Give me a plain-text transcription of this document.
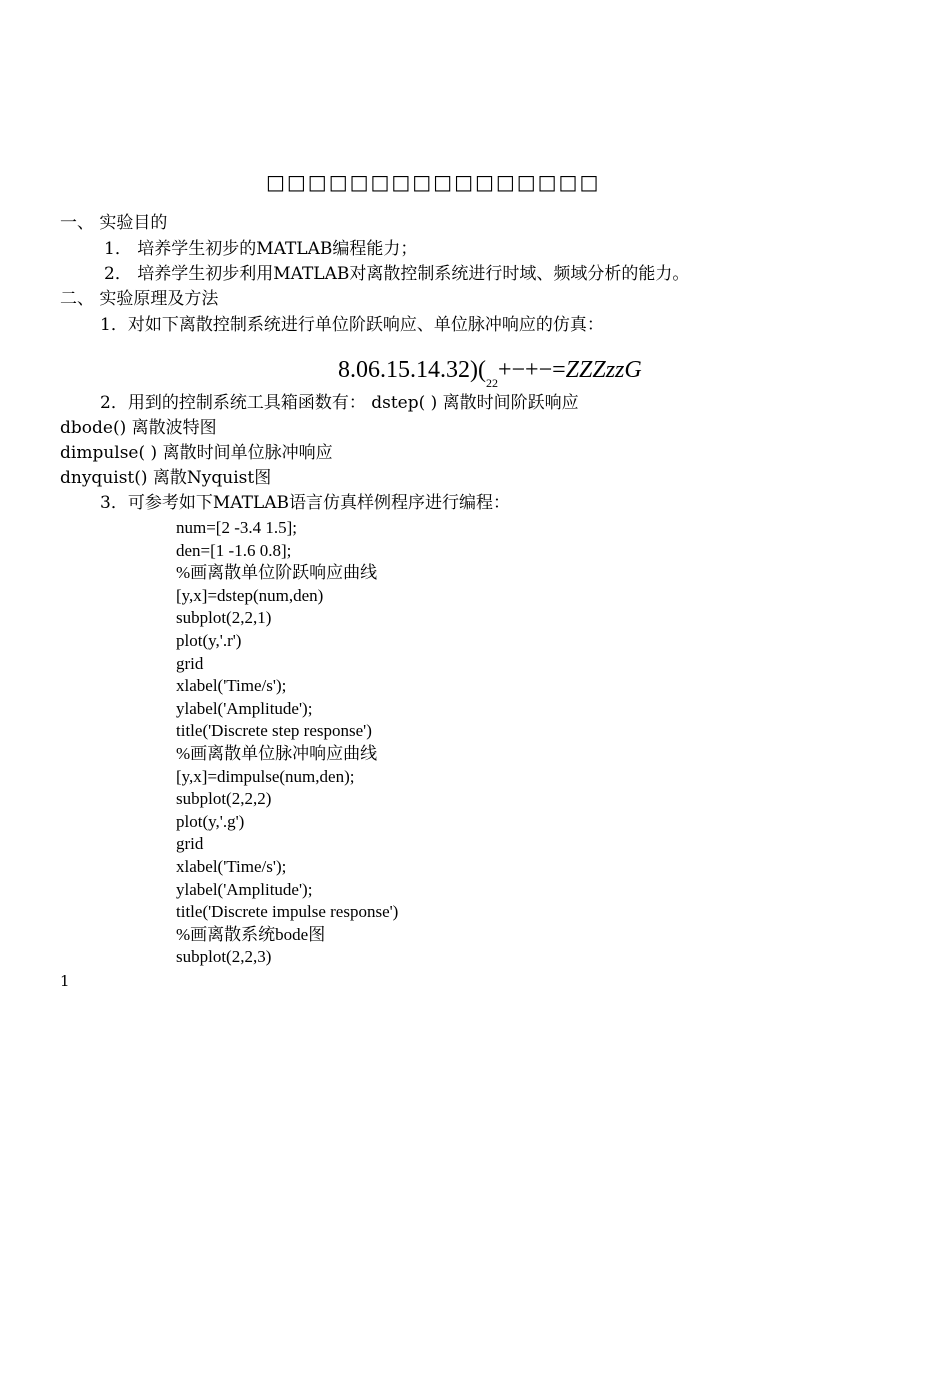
□□□□□□□□□□□□□□□□
一、 实验目的
1． 培养学生初步的MATLAB编程能力；
2． 培养学生初步利用MATLAB对离散控制系统进行时域、频域分析的能力。
二、 实验原理及方法
1．对如下离散控制系统进行单位阶跃响应、单位脉冲响应的仿真：
$8.06.15.14.32)(_{22}+-+-=ZZZzzG$
2．用到的控制系统工具箱函数有： dstep( ) 离散时间阶跃响应
dbode() 离散波特图
dimpulse( ) 离散时间单位脉冲响应
dnyquist() 离散Nyquist图
3．可参考如下MATLAB语言仿真样例程序进行编程：
num=[2 -3.4 1.5];
den=[1 -1.6 0.8];
%画离散单位阶跃响应曲线
[y,x]=dstep(num,den)
subplot(2,2,1)
plot(y,'.r')
grid
xlabel('Time/s');
ylabel('Amplitude');
title('Discrete step response')
%画离散单位脉冲响应曲线
[y,x]=dimpulse(num,den);
subplot(2,2,2)
plot(y,'.g')
grid
xlabel('Time/s');
ylabel('Amplitude');
title('Discrete impulse response')
%画离散系统bode图
subplot(2,2,3)
1
